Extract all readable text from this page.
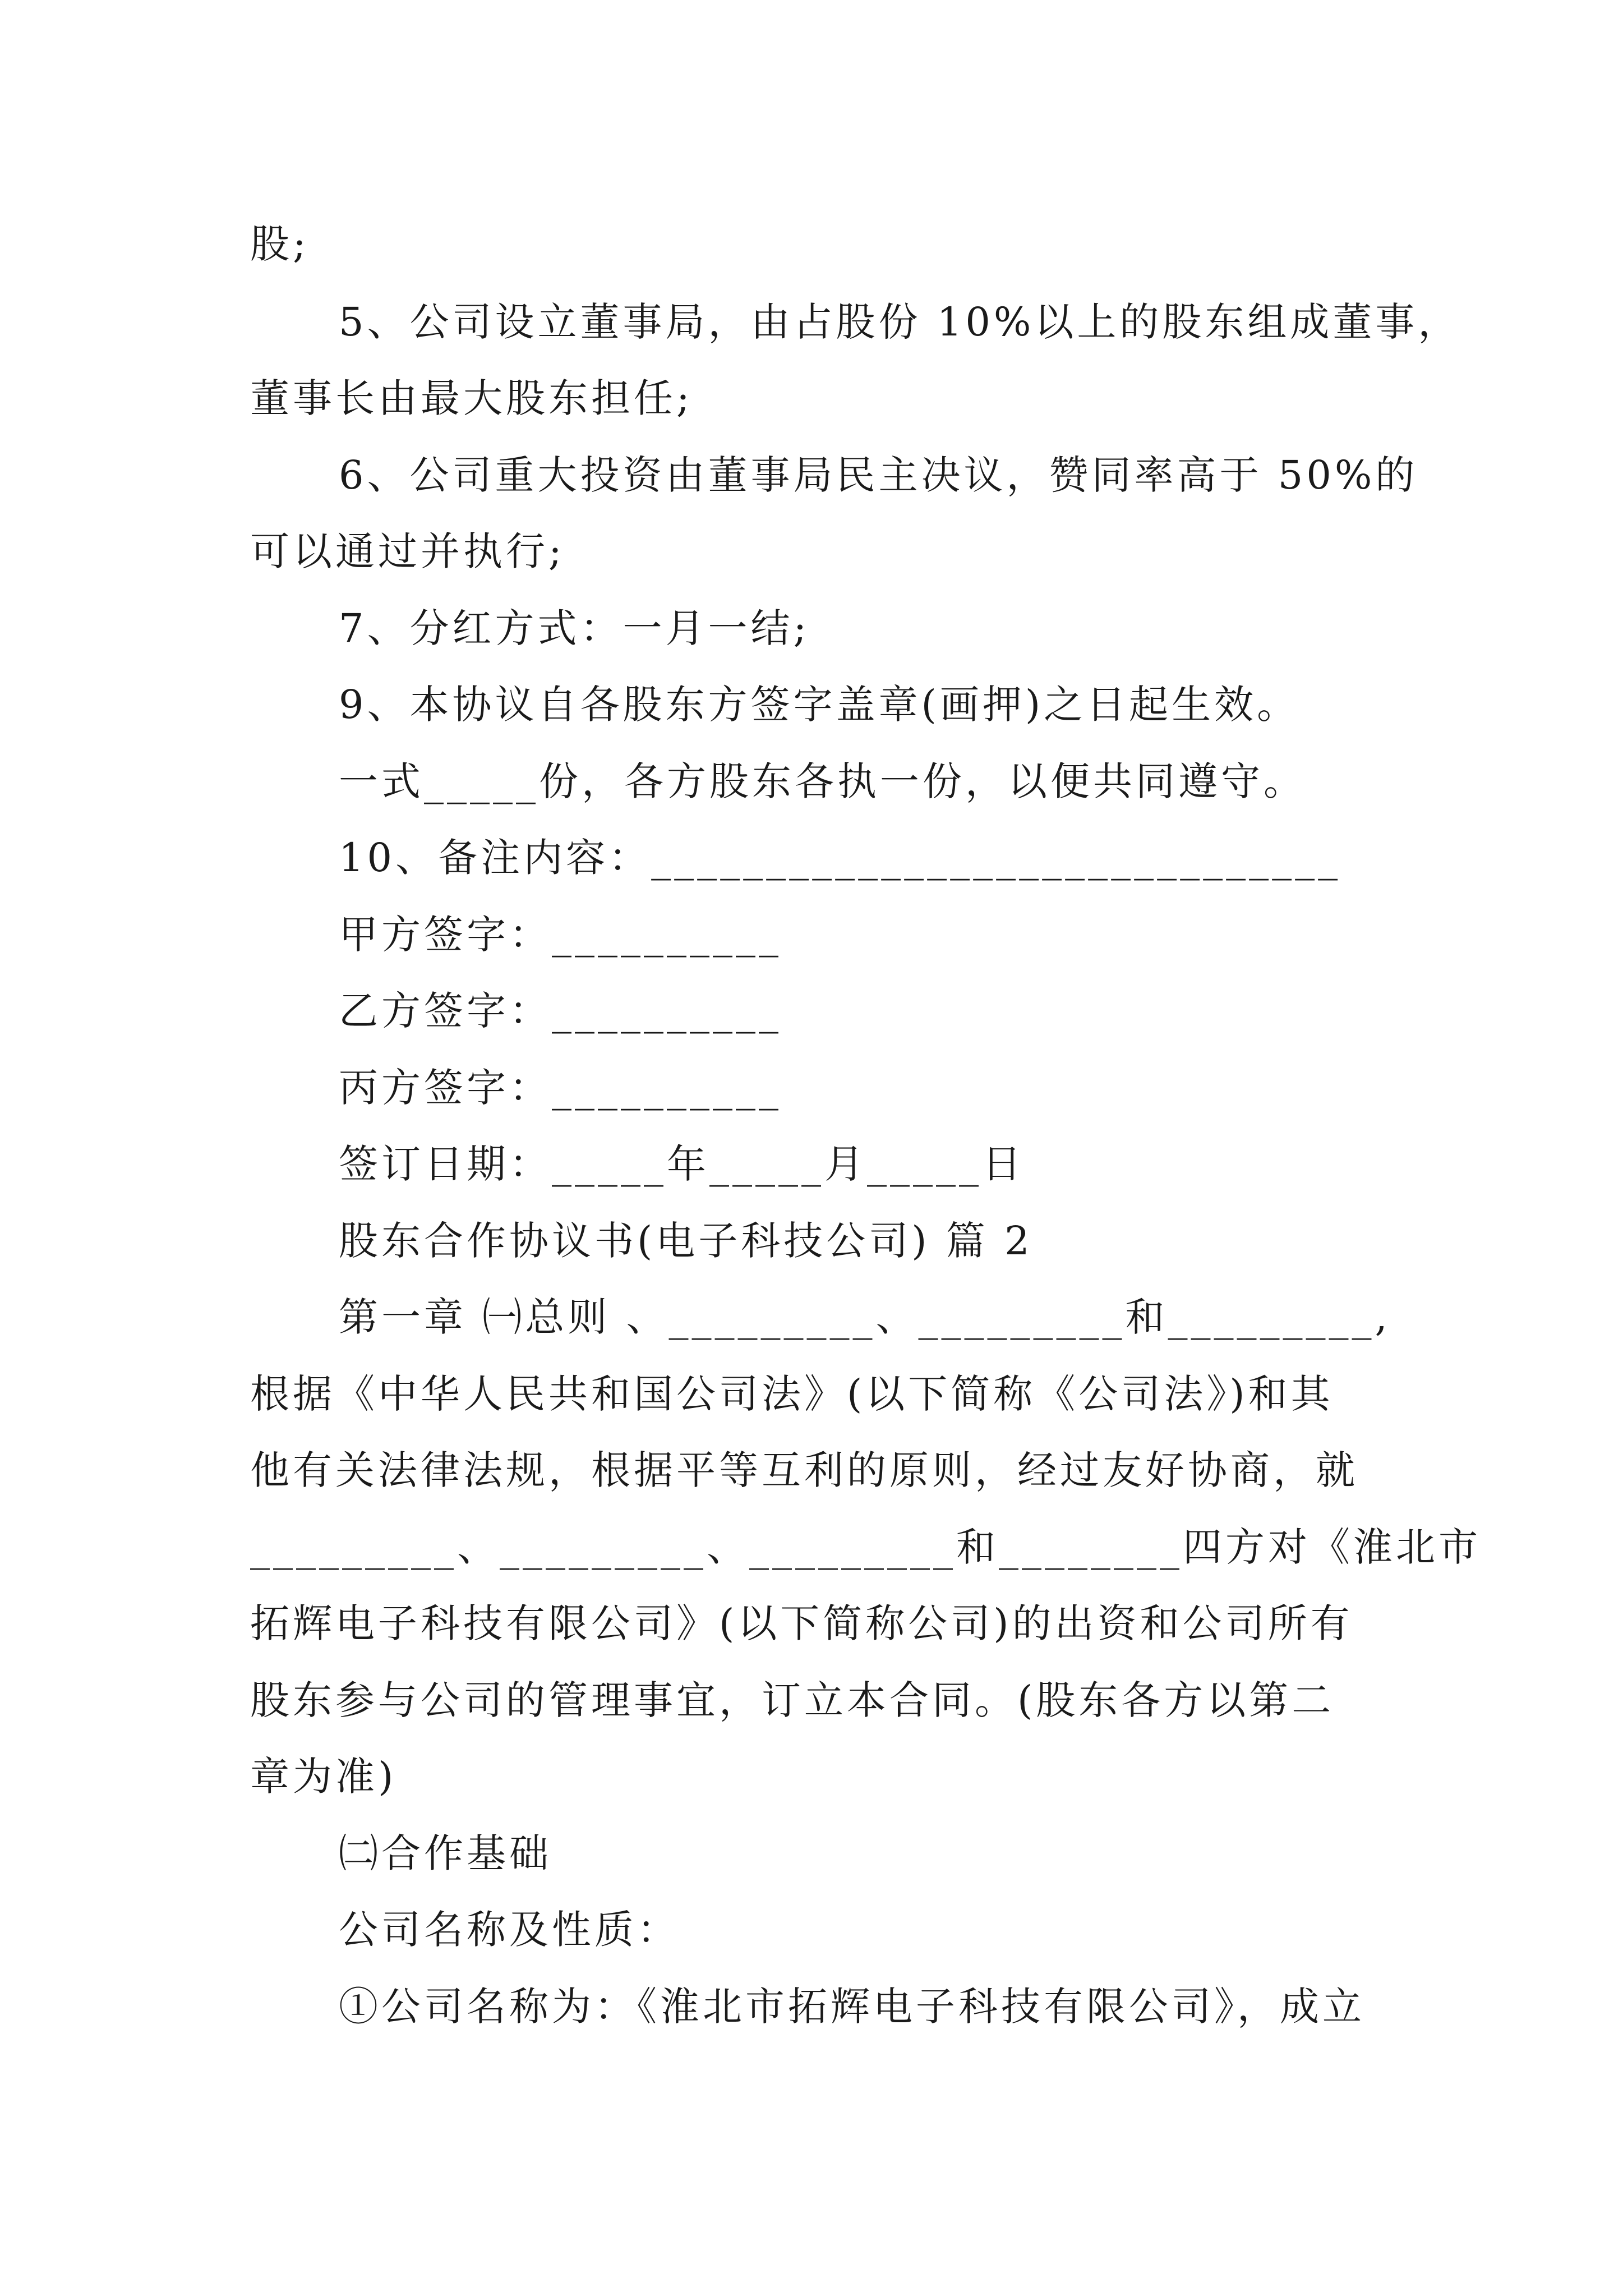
股;
5、公司设立董事局，由占股份 10%以上的股东组成董事，
董事长由最大股东担任;
6、公司重大投资由董事局民主决议，赞同率高于 50%的
可以通过并执行;
7、分红方式：一月一结;
9、本协议自各股东方签字盖章(画押)之日起生效。
一式_____份，各方股东各执一份，以便共同遵守。
10、备注内容：______________________________
甲方签字：__________
乙方签字：__________
丙方签字：__________
签订日期：_____年_____月_____日
股东合作协议书(电子科技公司) 篇 2
第一章 ㈠总则 、_________、_________和_________,
根据《中华人民共和国公司法》(以下简称《公司法》)和其
他有关法律法规，根据平等互利的原则，经过友好协商，就
_________、_________、_________和________四方对《淮北市
拓辉电子科技有限公司》(以下简称公司)的出资和公司所有
股东参与公司的管理事宜，订立本合同。(股东各方以第二
章为准)
㈡合作基础
公司名称及性质：
①公司名称为：《淮北市拓辉电子科技有限公司》，成立
